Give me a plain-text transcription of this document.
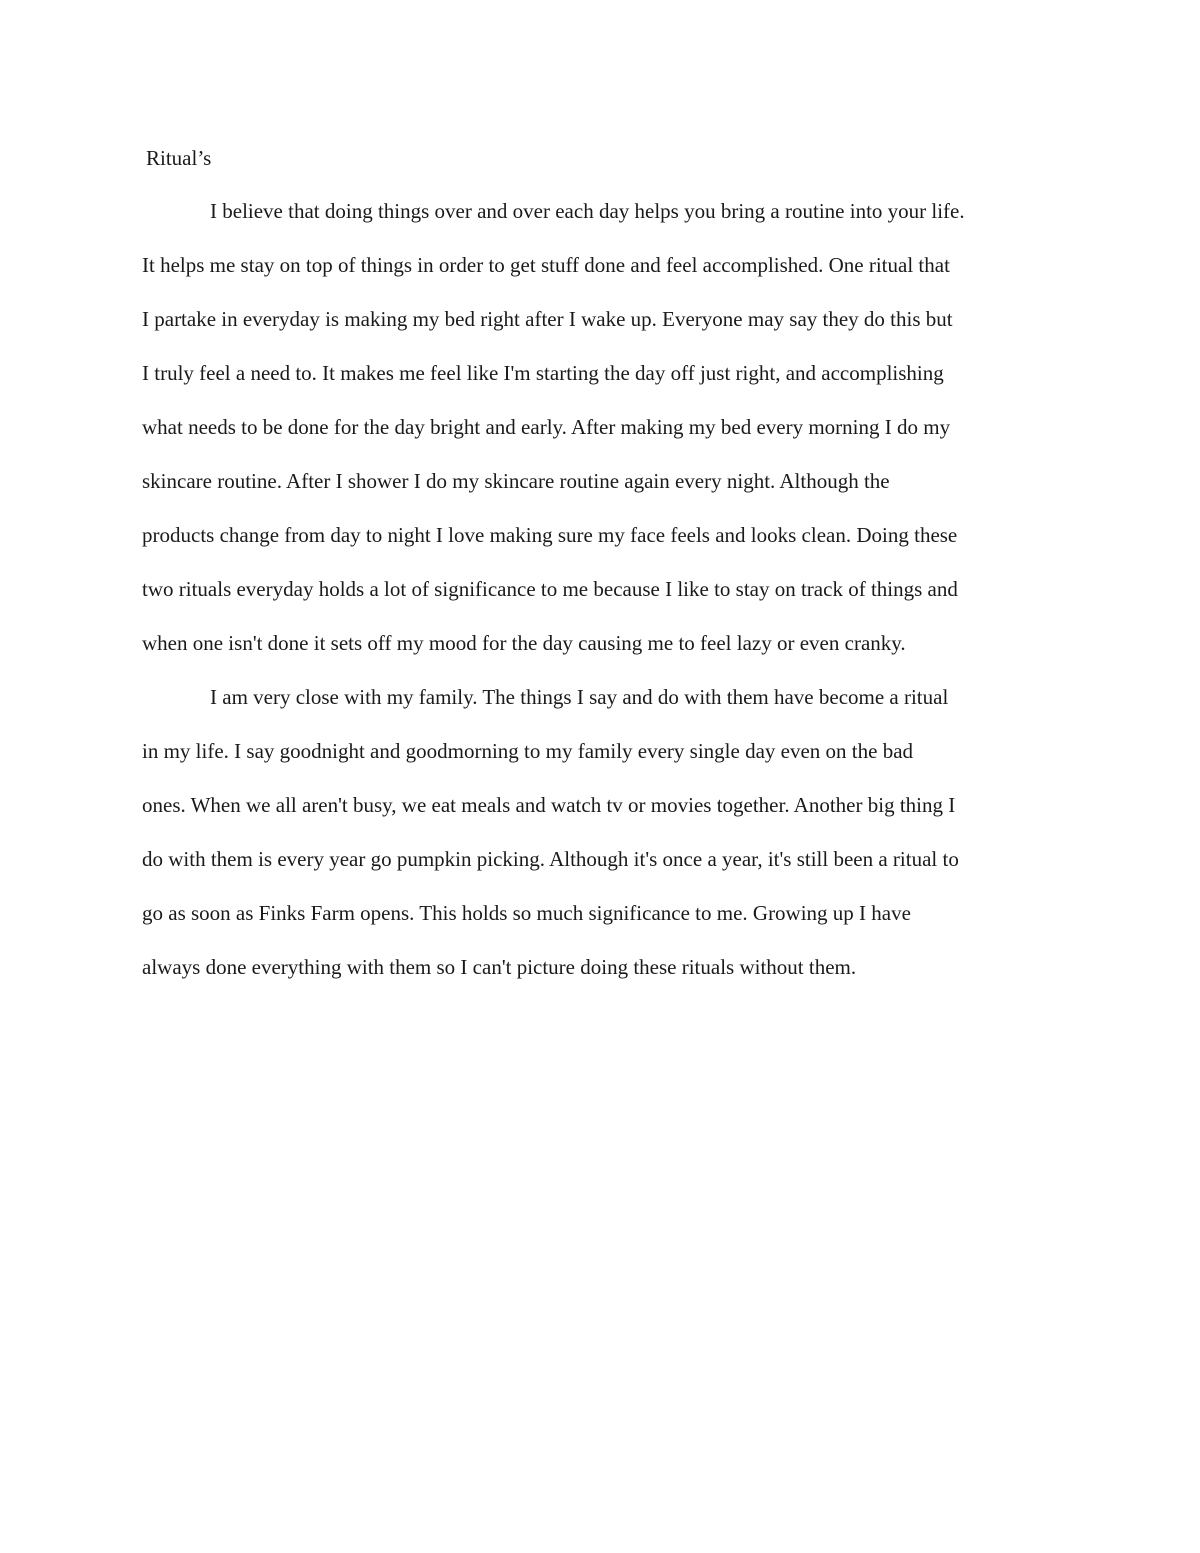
Ritual’s

I believe that doing things over and over each day helps you bring a routine into your life.
It helps me stay on top of things in order to get stuff done and feel accomplished. One ritual that
I partake in everyday is making my bed right after I wake up. Everyone may say they do this but
I truly feel a need to. It makes me feel like I'm starting the day off just right, and accomplishing
what needs to be done for the day bright and early. After making my bed every morning I do my
skincare routine. After I shower I do my skincare routine again every night. Although the
products change from day to night I love making sure my face feels and looks clean. Doing these
two rituals everyday holds a lot of significance to me because I like to stay on track of things and
when one isn't done it sets off my mood for the day causing me to feel lazy or even cranky.

I am very close with my family. The things I say and do with them have become a ritual
in my life. I say goodnight and goodmorning to my family every single day even on the bad
ones. When we all aren't busy, we eat meals and watch tv or movies together. Another big thing I
do with them is every year go pumpkin picking. Although it's once a year, it's still been a ritual to
go as soon as Finks Farm opens. This holds so much significance to me. Growing up I have
always done everything with them so I can't picture doing these rituals without them.
